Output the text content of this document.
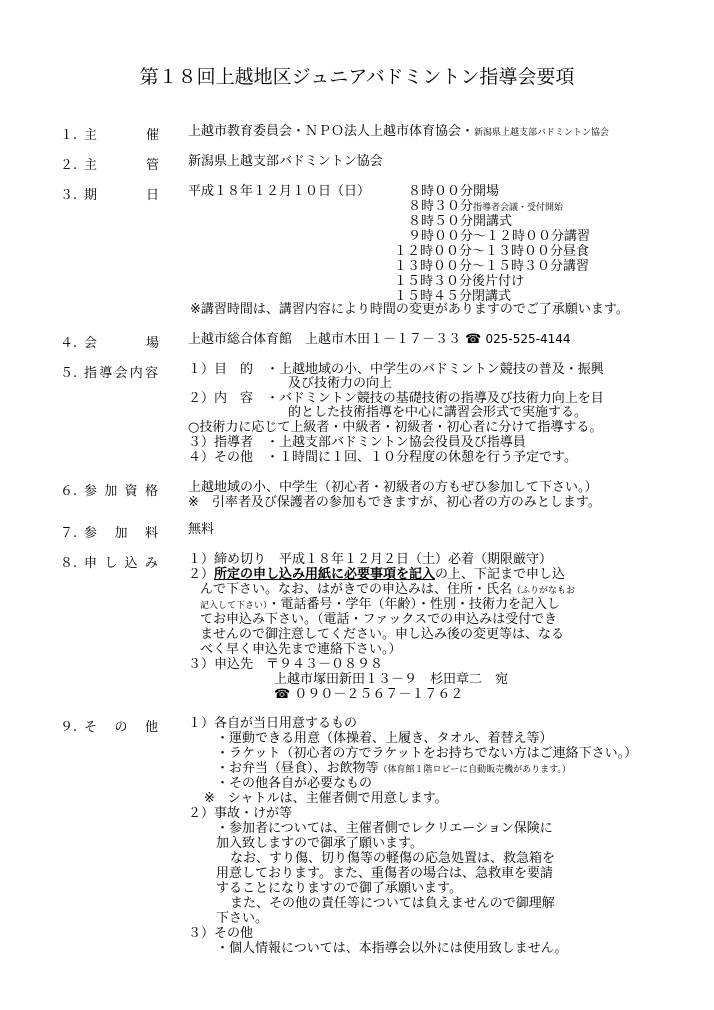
第１８回上越地区ジュニアバドミントン指導会要項
１. 主	催 上越市教育委員会・ＮＰＯ法人上越市体育協会・新潟県上越支部バドミントン協会
２. 主	管 新潟県上越支部バドミントン協会
３. 期	日 平成１８年１２月１０日（日）	８時００分開場
８時３０分指導者会議・受付開始
８時５０分開講式
９時００分～１２時００分講習
１２時００分～１３時００分昼食
１３時００分～１５時３０分講習
１５時３０分後片付け
１５時４５分閉講式
※講習時間は、講習内容により時間の変更がありますのでご了承願います。
４. 会	場 上越市総合体育館　上越市木田１－１７－３３ ☎ 025-525-4144
５. 指 導 会 内 容 １）目　的　・上越地域の小、中学生のバドミントン競技の普及・振興
及び技術力の向上
２）内　容　・バドミントン競技の基礎技術の指導及び技術力向上を目
的とした技術指導を中心に講習会形式で実施する。
○技術力に応じて上級者・中級者・初級者・初心者に分けて指導する。
３）指導者　・上越支部バドミントン協会役員及び指導員
４）その他　・１時間に１回、１０分程度の休憩を行う予定です。
６. 参 加 資 格 上越地域の小、中学生（初心者・初級者の方もぜひ参加して下さい。）
※　引率者及び保護者の参加もできますが、初心者の方のみとします。
７. 参 加 料 無料
８. 申 し 込 み １）締め切り　平成１８年１２月２日（土）必着（期限厳守）
２）所定の申し込み用紙に必要事項を記入の上、下記まで申し込
んで下さい。なお、はがきでの申込みは、住所・氏名（ふりがなもお
記入して下さい）・電話番号・学年（年齢）・性別・技術力を記入し
てお申込み下さい。（電話・ファックスでの申込みは受付でき
ませんので御注意してください。申し込み後の変更等は、なる
べく早く申込先まで連絡下さい。）
３）申込先　〒９４３－０８９８
上越市塚田新田１３－９　杉田章二　宛
☎ ０９０－２５６７－１７６２
９. そ の 他 １）各自が当日用意するもの
・運動できる用意（体操着、上履き、タオル、着替え等）
・ラケット（初心者の方でラケットをお持ちでない方はご連絡下さい。）
・お弁当（昼食）、お飲物等（体育館１階ロビーに自動販売機があります。）
・その他各自が必要なもの
※　シャトルは、主催者側で用意します。
２）事故・けが等
・参加者については、主催者側でレクリエーション保険に
加入致しますので御承了願います。
なお、すり傷、切り傷等の軽傷の応急処置は、救急箱を
用意しております。また、重傷者の場合は、急救車を要請
することになりますので御了承願います。
また、その他の責任等については負えませんので御理解
下さい。
３）その他
・個人情報については、本指導会以外には使用致しません。
